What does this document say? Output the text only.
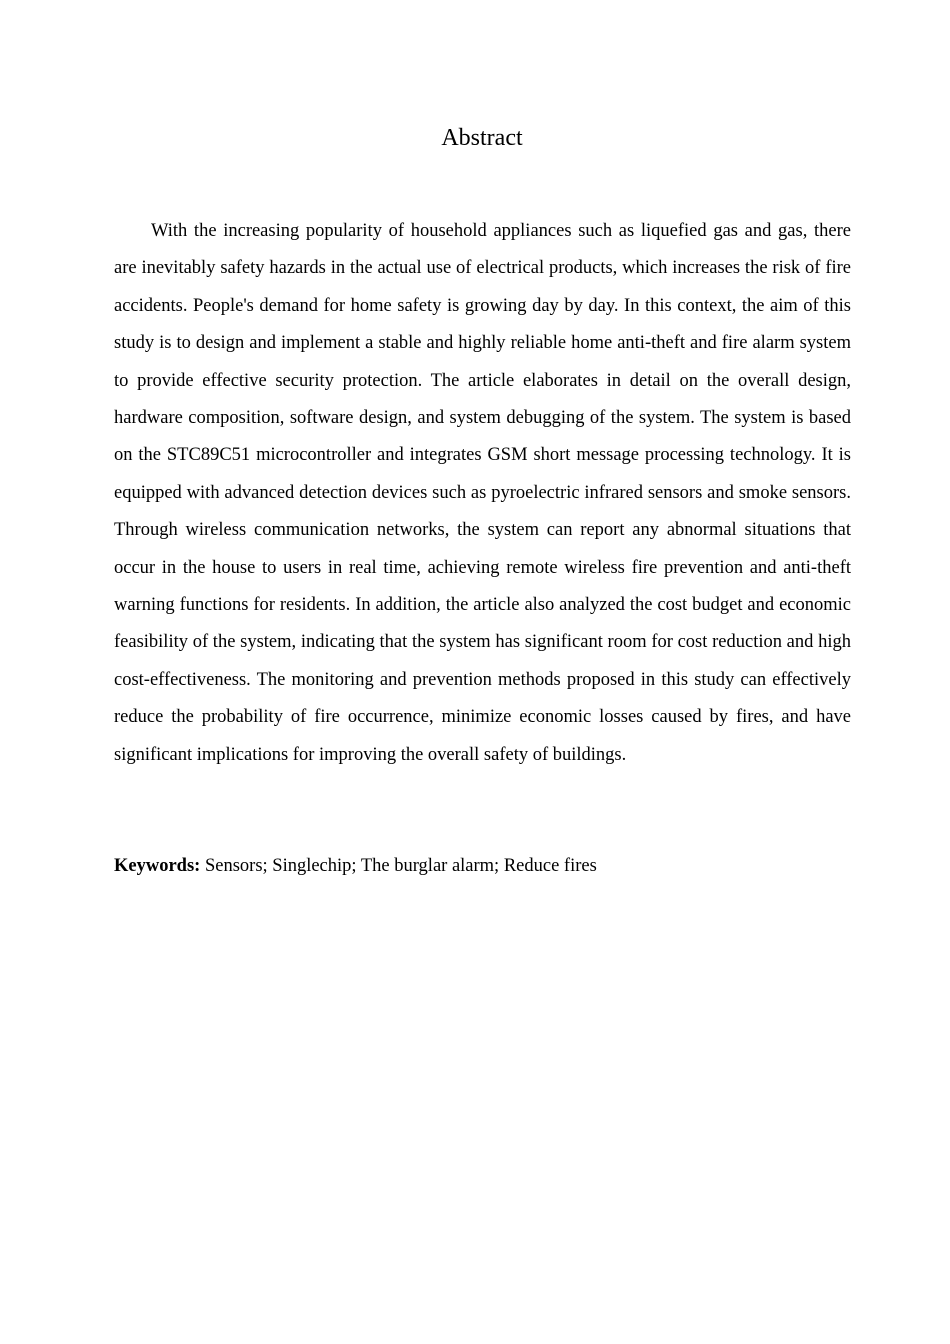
Abstract

With the increasing popularity of household appliances such as liquefied gas and gas, there are inevitably safety hazards in the actual use of electrical products, which increases the risk of fire accidents. People's demand for home safety is growing day by day. In this context, the aim of this study is to design and implement a stable and highly reliable home anti-theft and fire alarm system to provide effective security protection. The article elaborates in detail on the overall design, hardware composition, software design, and system debugging of the system. The system is based on the STC89C51 microcontroller and integrates GSM short message processing technology. It is equipped with advanced detection devices such as pyroelectric infrared sensors and smoke sensors. Through wireless communication networks, the system can report any abnormal situations that occur in the house to users in real time, achieving remote wireless fire prevention and anti-theft warning functions for residents. In addition, the article also analyzed the cost budget and economic feasibility of the system, indicating that the system has significant room for cost reduction and high cost-effectiveness. The monitoring and prevention methods proposed in this study can effectively reduce the probability of fire occurrence, minimize economic losses caused by fires, and have significant implications for improving the overall safety of buildings.

Keywords: Sensors; Singlechip; The burglar alarm; Reduce fires
